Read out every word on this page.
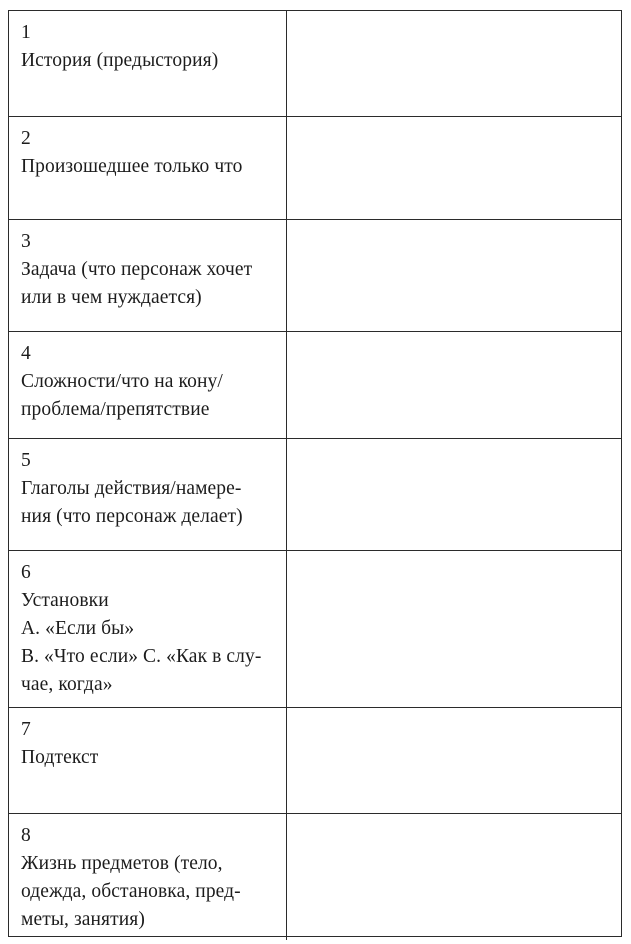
1
История (предыстория)
2
Произошедшее только что
3
Задача (что персонаж хочет
или в чем нуждается)
4
Сложности/что на кону/
проблема/препятствие
5
Глаголы действия/намере-
ния (что персонаж делает)
6
Установки
А. «Если бы»
В. «Что если» С. «Как в слу-
чае, когда»
7
Подтекст
8
Жизнь предметов (тело,
одежда, обстановка, пред-
меты, занятия)
